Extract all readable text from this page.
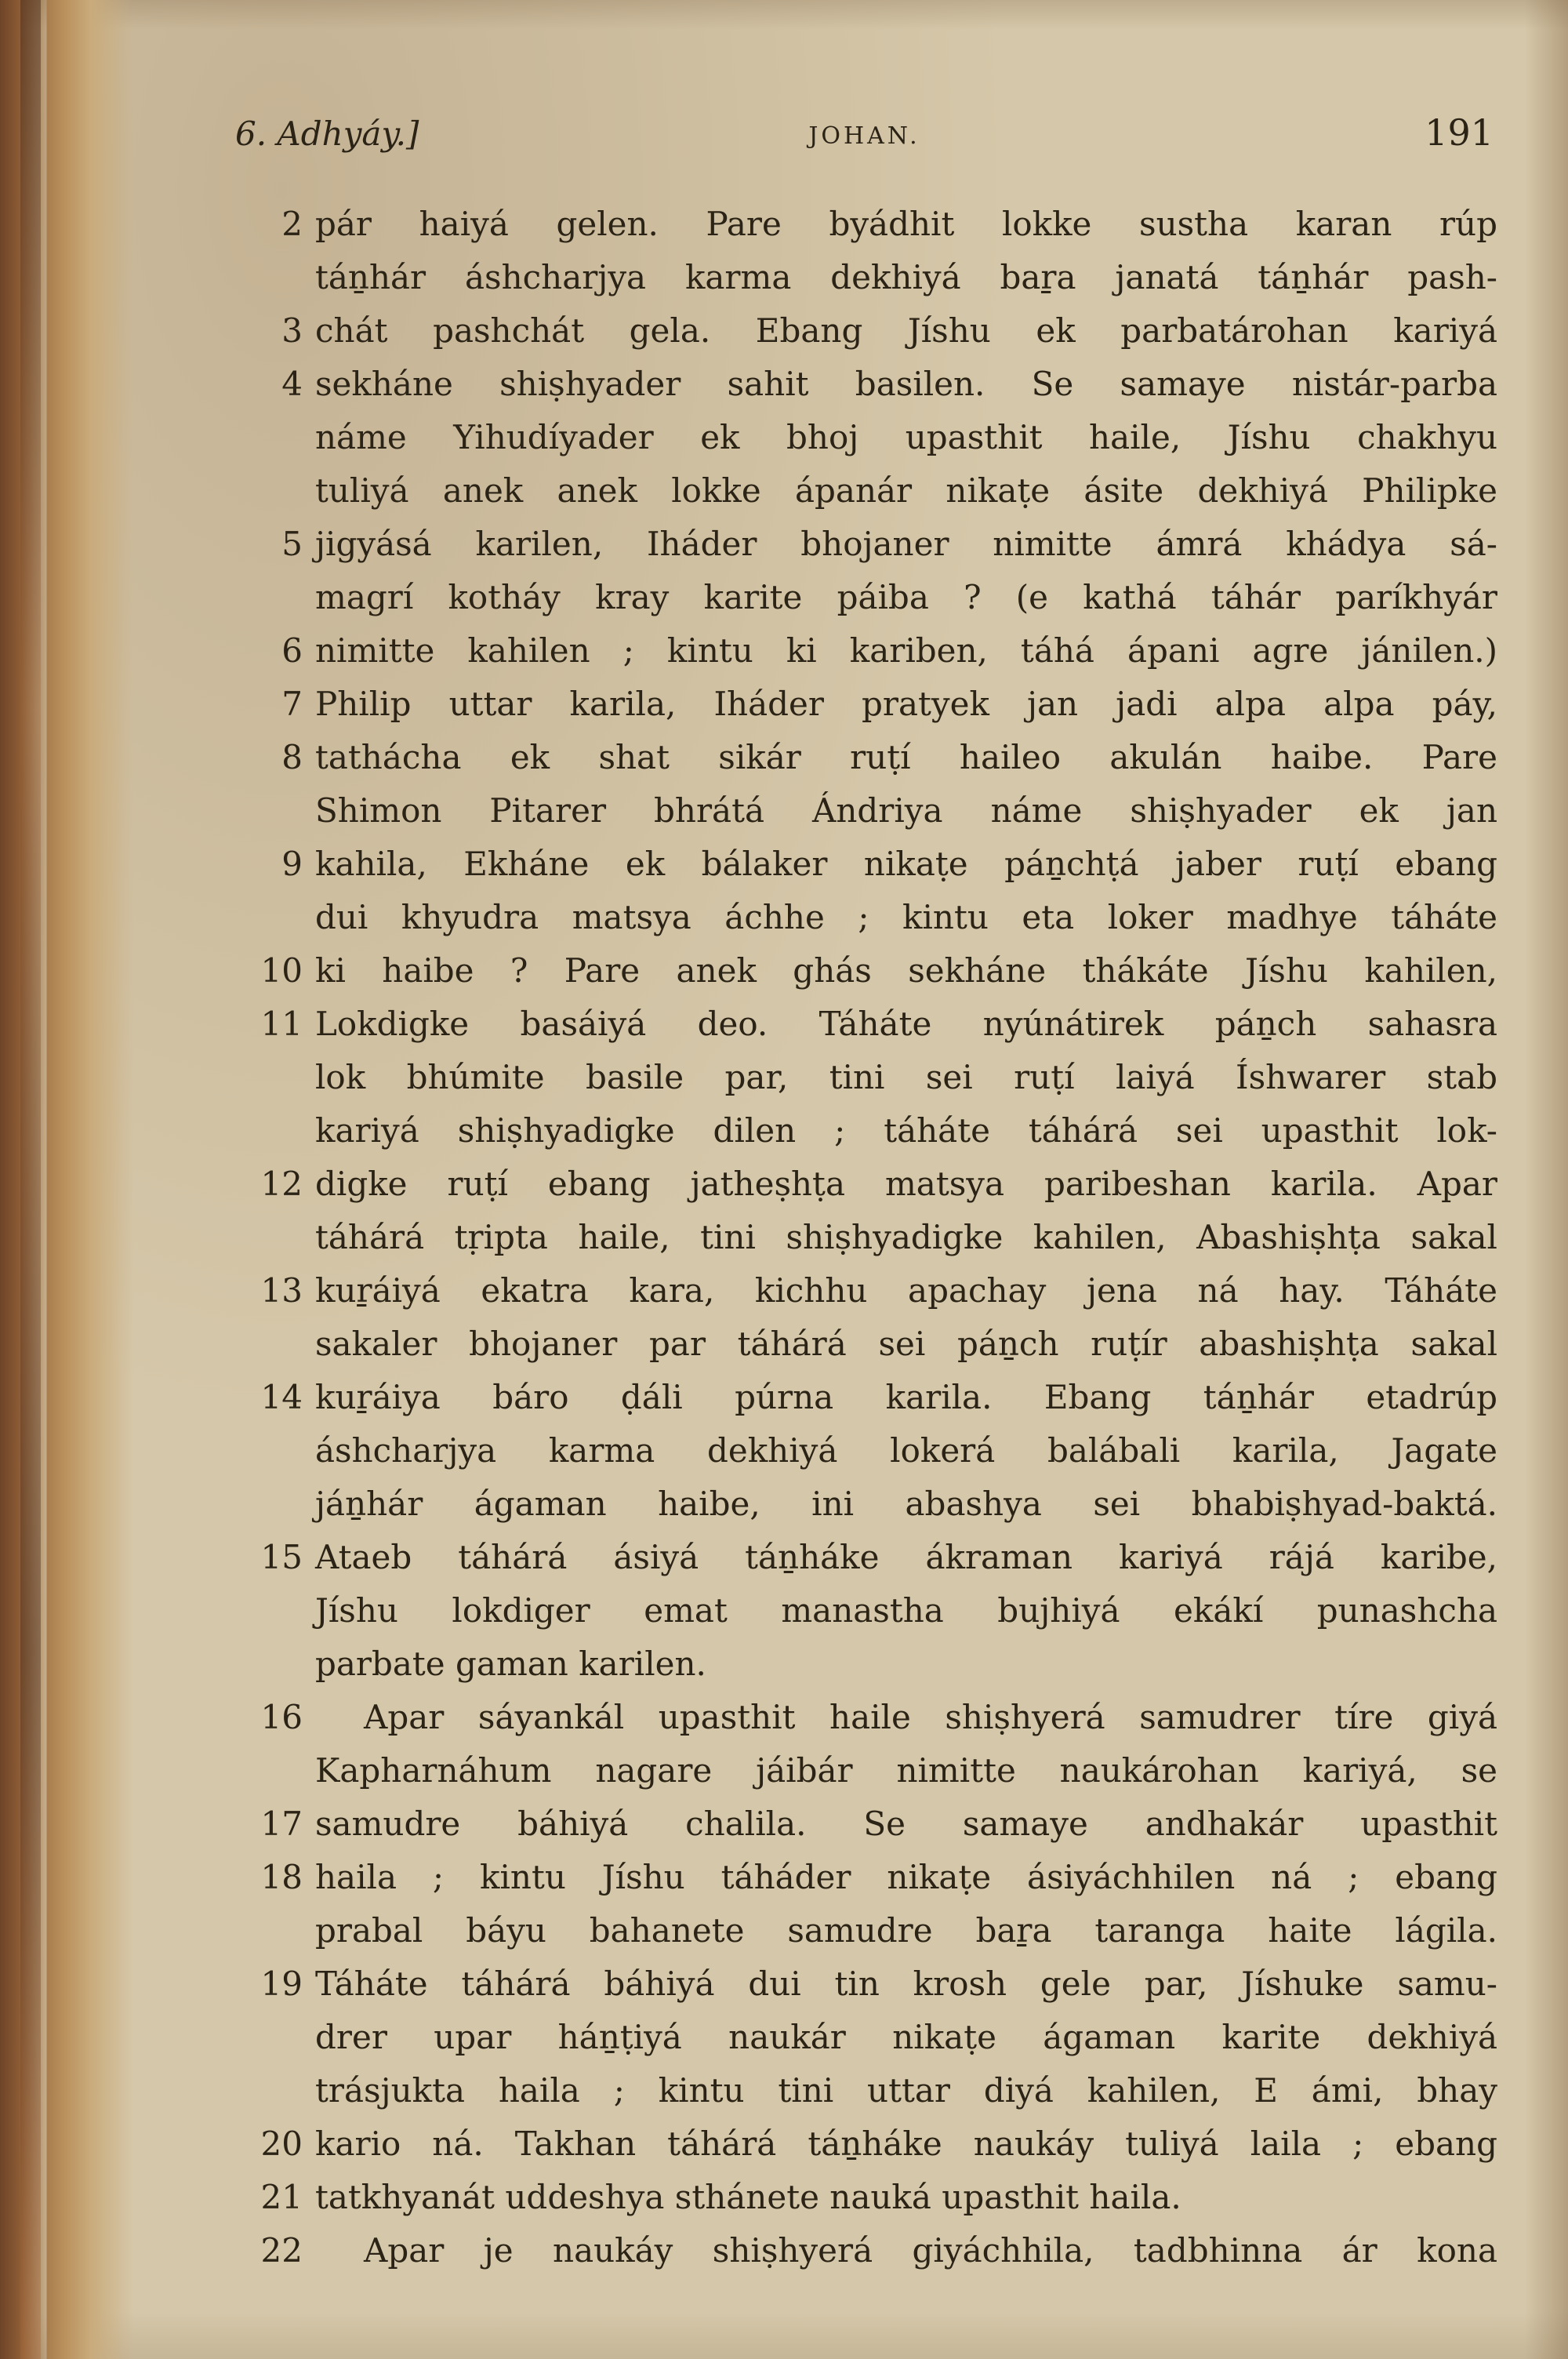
6. Adhyáy.]	JOHAN.	191
2 pár haiyá gelen. Pare byádhit lokke sustha karan rúp
táṉhár áshcharjya karma dekhiyá baṟa janatá táṉhár pash-
3 chát pashchát gela. Ebang Jíshu ek parbatárohan kariyá
4 sekháne shiṣhyader sahit basilen. Se samaye nistár-parba
náme Yihudíyader ek bhoj upasthit haile, Jíshu chakhyu
tuliyá anek anek lokke ápanár nikaṭe ásite dekhiyá Philipke
5 jigyásá karilen, Iháder bhojaner nimitte ámrá khádya sá-
magrí kotháy kray karite páiba ? (e kathá táhár paríkhyár
6 nimitte kahilen ; kintu ki kariben, táhá ápani agre jánilen.)
7 Philip uttar karila, Iháder pratyek jan jadi alpa alpa páy,
8 tathácha ek shat sikár ruṭí haileo akulán haibe. Pare
Shimon Pitarer bhrátá Ándriya náme shiṣhyader ek jan
9 kahila, Ekháne ek bálaker nikaṭe páṉchṭá jaber ruṭí ebang
dui khyudra matsya áchhe ; kintu eta loker madhye táháte
10 ki haibe ? Pare anek ghás sekháne thákáte Jíshu kahilen,
11 Lokdigke basáiyá deo. Táháte nyúnátirek páṉch sahasra
lok bhúmite basile par, tini sei ruṭí laiyá Íshwarer stab
kariyá shiṣhyadigke dilen ; táháte táhárá sei upasthit lok-
12 digke ruṭí ebang jatheṣhṭa matsya paribeshan karila. Apar
táhárá tṛipta haile, tini shiṣhyadigke kahilen, Abashiṣhṭa sakal
13 kuṟáiyá ekatra kara, kichhu apachay jena ná hay. Táháte
sakaler bhojaner par táhárá sei páṉch ruṭír abashiṣhṭa sakal
14 kuṟáiya báro ḍáli púrna karila. Ebang táṉhár etadrúp
áshcharjya karma dekhiyá lokerá balábali karila, Jagate
jáṉhár ágaman haibe, ini abashya sei bhabiṣhyad-baktá.
15 Ataeb táhárá ásiyá táṉháke ákraman kariyá rájá karibe,
Jíshu lokdiger emat manastha bujhiyá ekákí punashcha
parbate gaman karilen.
16	Apar sáyankál upasthit haile shiṣhyerá samudrer tíre giyá
Kapharnáhum nagare jáibár nimitte naukárohan kariyá, se
17 samudre báhiyá chalila. Se samaye andhakár upasthit
18 haila ; kintu Jíshu táháder nikaṭe ásiyáchhilen ná ; ebang
prabal báyu bahanete samudre baṟa taranga haite lágila.
19 Táháte táhárá báhiyá dui tin krosh gele par, Jíshuke samu-
drer upar háṉṭiyá naukár nikaṭe ágaman karite dekhiyá
trásjukta haila ; kintu tini uttar diyá kahilen, E ámi, bhay
20 kario ná. Takhan táhárá táṉháke naukáy tuliyá laila ; ebang
21 tatkhyanát uddeshya sthánete nauká upasthit haila.
22	Apar je naukáy shiṣhyerá giyáchhila, tadbhinna ár kona
